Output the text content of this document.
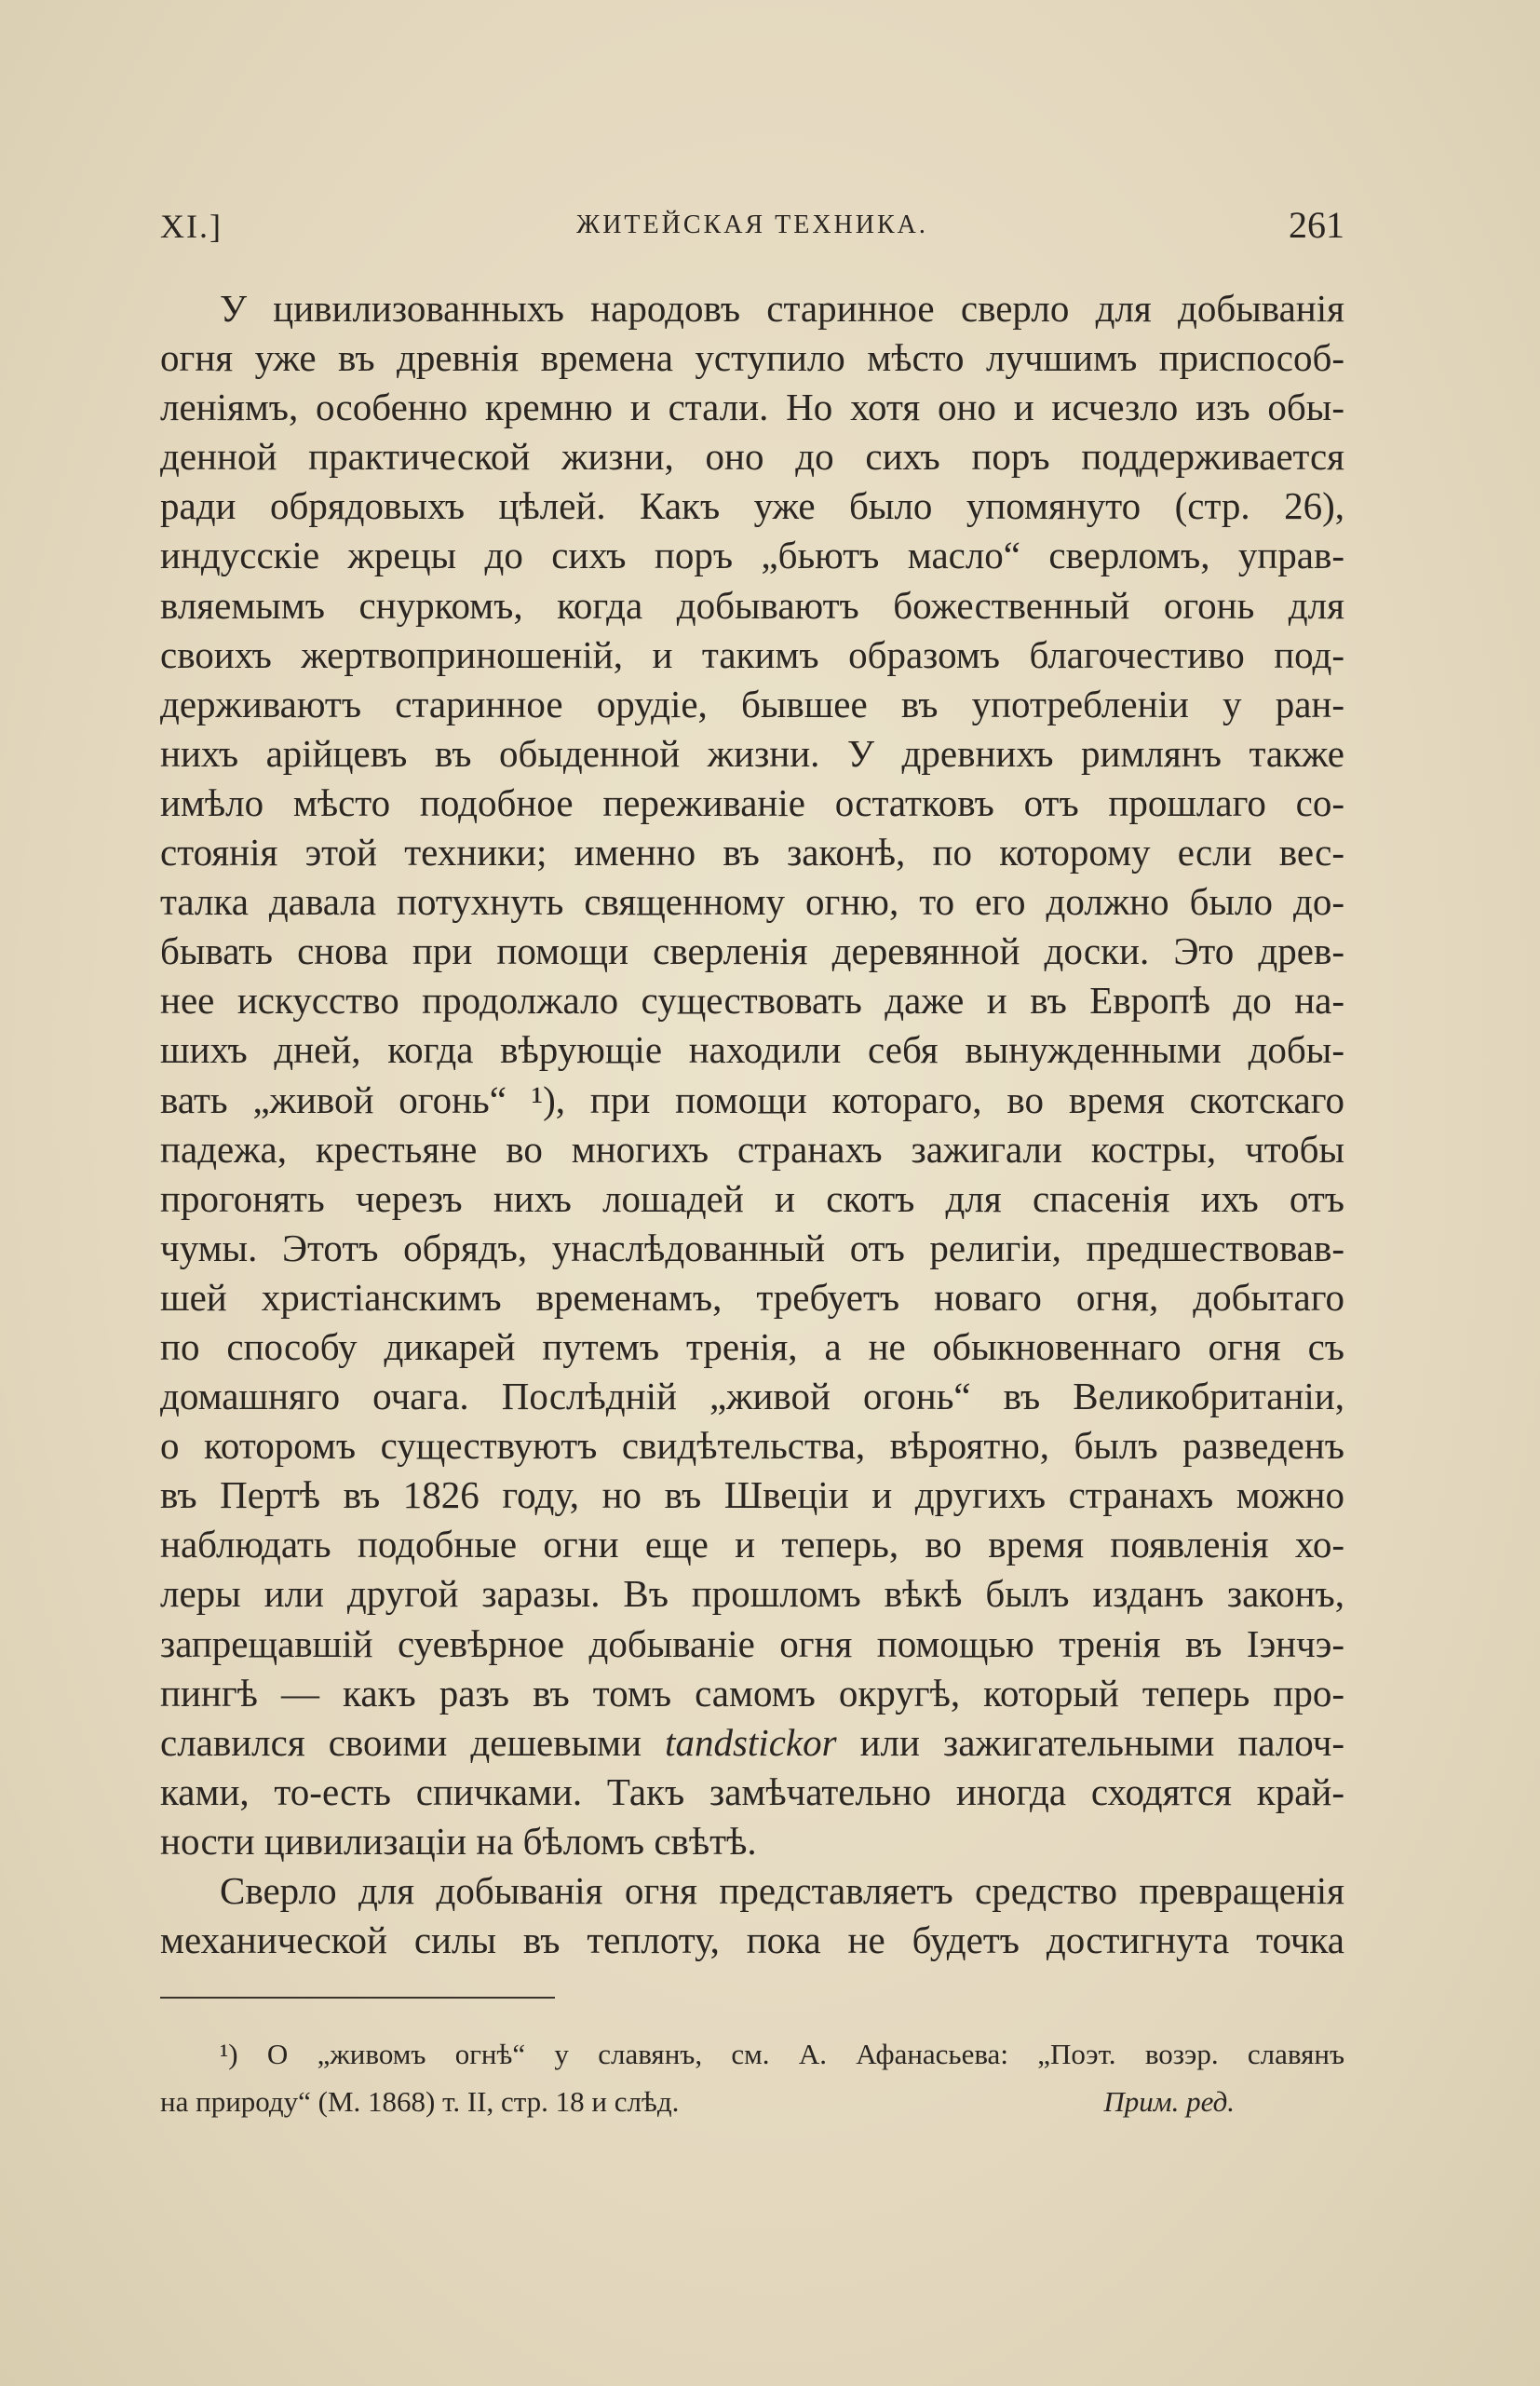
XI.]	ЖИТЕЙСКАЯ ТЕХНИКА.	261
У цивилизованныхъ народовъ старинное сверло для добыванія
огня уже въ древнія времена уступило мѣсто лучшимъ приспособ-
леніямъ, особенно кремню и стали. Но хотя оно и исчезло изъ обы-
денной практической жизни, оно до сихъ поръ поддерживается
ради обрядовыхъ цѣлей. Какъ уже было упомянуто (стр. 26),
индусскіе жрецы до сихъ поръ „бьютъ масло“ сверломъ, управ-
вляемымъ снуркомъ, когда добываютъ божественный огонь для
своихъ жертвоприношеній, и такимъ образомъ благочестиво под-
держиваютъ старинное орудіе, бывшее въ употребленіи у ран-
нихъ арійцевъ въ обыденной жизни. У древнихъ римлянъ также
имѣло мѣсто подобное переживаніе остатковъ отъ прошлаго со-
стоянія этой техники; именно въ законѣ, по которому если вес-
талка давала потухнуть священному огню, то его должно было до-
бывать снова при помощи сверленія деревянной доски. Это древ-
нее искусство продолжало существовать даже и въ Европѣ до на-
шихъ дней, когда вѣрующіе находили себя вынужденными добы-
вать „живой огонь“ ¹), при помощи котораго, во время скотскаго
падежа, крестьяне во многихъ странахъ зажигали костры, чтобы
прогонять черезъ нихъ лошадей и скотъ для спасенія ихъ отъ
чумы. Этотъ обрядъ, унаслѣдованный отъ религіи, предшествовав-
шей христіанскимъ временамъ, требуетъ новаго огня, добытаго
по способу дикарей путемъ тренія, а не обыкновеннаго огня съ
домашняго очага. Послѣдній „живой огонь“ въ Великобританіи,
о которомъ существуютъ свидѣтельства, вѣроятно, былъ разведенъ
въ Пертѣ въ 1826 году, но въ Швеціи и другихъ странахъ можно
наблюдать подобные огни еще и теперь, во время появленія хо-
леры или другой заразы. Въ прошломъ вѣкѣ былъ изданъ законъ,
запрещавшій суевѣрное добываніе огня помощью тренія въ Іэнчэ-
пингѣ — какъ разъ въ томъ самомъ округѣ, который теперь про-
славился своими дешевыми tandstickor или зажигательными палоч-
ками, то-есть спичками. Такъ замѣчательно иногда сходятся край-
ности цивилизаціи на бѣломъ свѣтѣ.
Сверло для добыванія огня представляетъ средство превращенія
механической силы въ теплоту, пока не будетъ достигнута точка
¹) О „живомъ огнѣ“ у славянъ, см. А. Афанасьева: „Поэт. возэр. славянъ
на природу“ (М. 1868) т. II, стр. 18 и слѣд.	Прим. ред.
